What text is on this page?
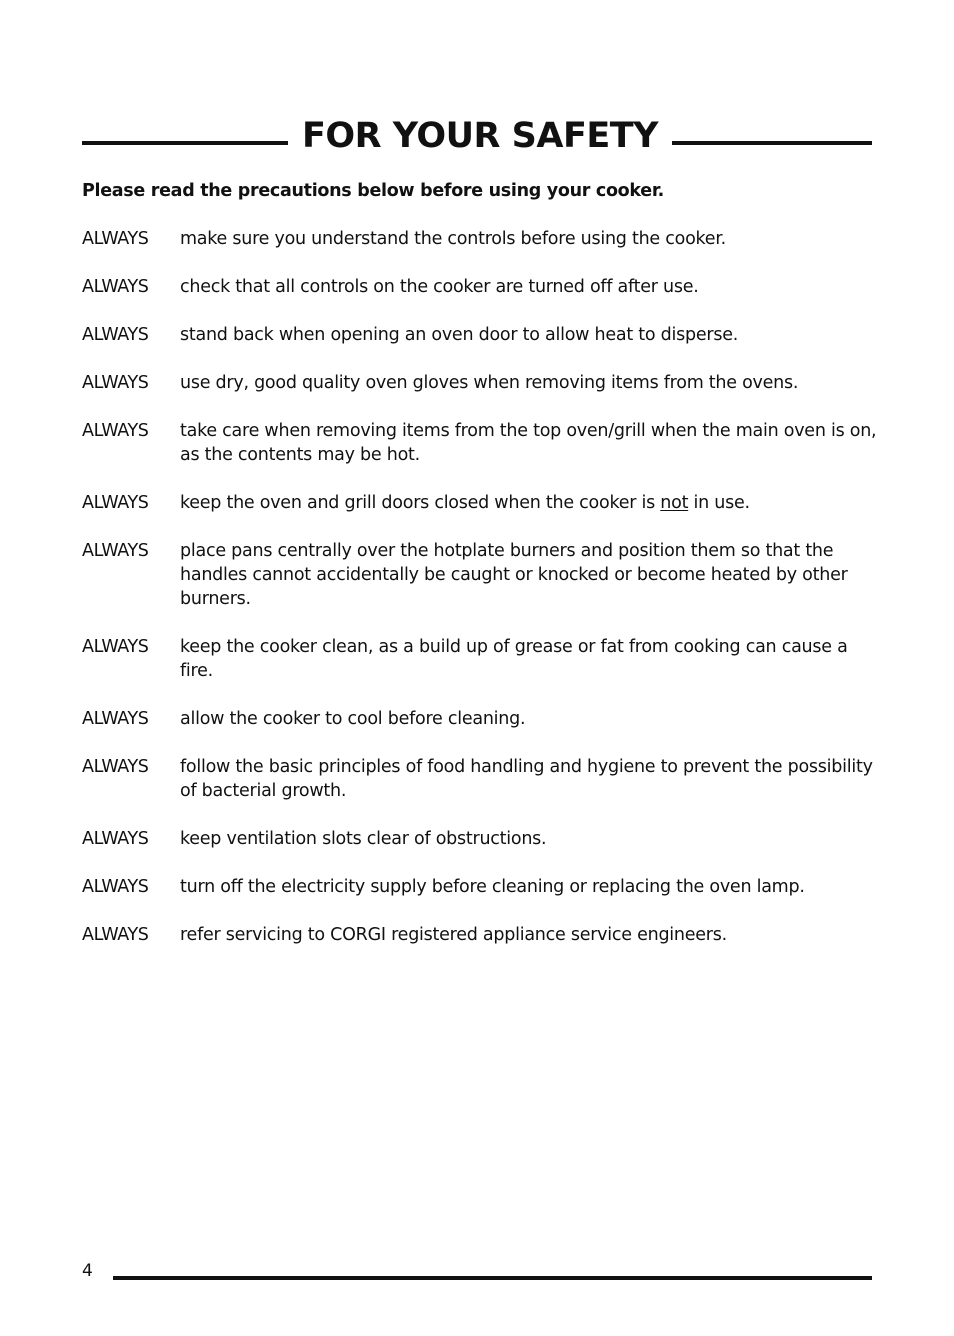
FOR YOUR SAFETY
Please read the precautions below before using your cooker.
ALWAYS	make sure you understand the controls before using the cooker.
ALWAYS	check that all controls on the cooker are turned off after use.
ALWAYS	stand back when opening an oven door to allow heat to disperse.
ALWAYS	use dry, good quality oven gloves when removing items from the ovens.
ALWAYS	take care when removing items from the top oven/grill when the main oven is on, as the contents may be hot.
ALWAYS	keep the oven and grill doors closed when the cooker is not in use.
ALWAYS	place pans centrally over the hotplate burners and position them so that the handles cannot accidentally be caught or knocked or become heated by other burners.
ALWAYS	keep the cooker clean, as a build up of grease or fat from cooking can cause a fire.
ALWAYS	allow the cooker to cool before cleaning.
ALWAYS	follow the basic principles of food handling and hygiene to prevent the possibility of bacterial growth.
ALWAYS	keep ventilation slots clear of obstructions.
ALWAYS	turn off the electricity supply before cleaning or replacing the oven lamp.
ALWAYS	refer servicing to CORGI registered appliance service engineers.
4
